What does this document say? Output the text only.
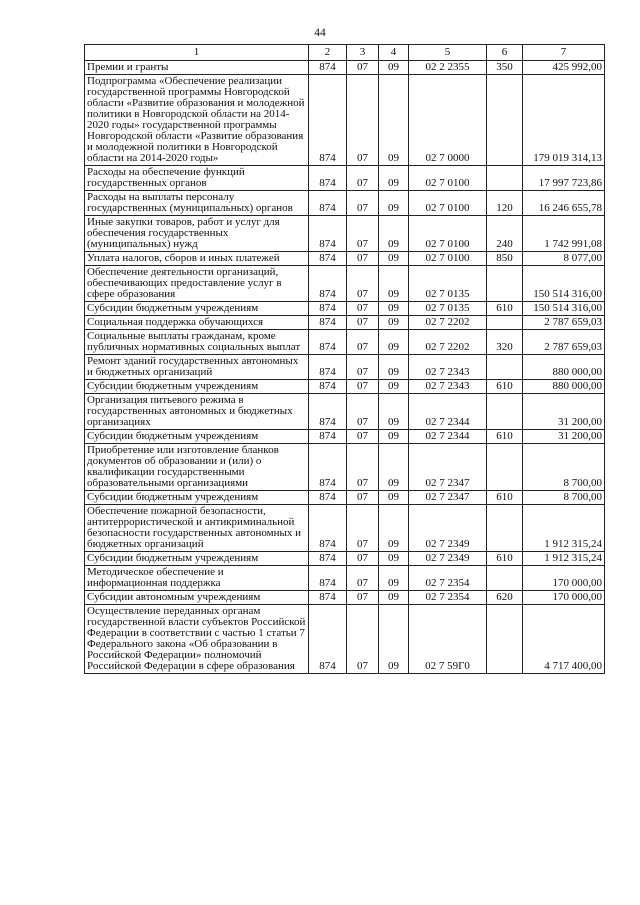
44
1	2	3	4	5	6	7
Премии и гранты	874	07	09	02 2 2355	350	425 992,00
Подпрограмма «Обеспечение реализации государственной программы Новгородской области «Развитие образования и молодежной политики в Новгородской области на 2014-2020 годы» государственной программы Новгородской области «Развитие образования и молодежной политики в Новгородской области на 2014-2020 годы»	874	07	09	02 7 0000		179 019 314,13
Расходы на обеспечение функций государственных органов	874	07	09	02 7 0100		17 997 723,86
Расходы на выплаты персоналу государственных (муниципальных) органов	874	07	09	02 7 0100	120	16 246 655,78
Иные закупки товаров, работ и услуг для обеспечения государственных (муниципальных) нужд	874	07	09	02 7 0100	240	1 742 991,08
Уплата налогов, сборов и иных платежей	874	07	09	02 7 0100	850	8 077,00
Обеспечение деятельности организаций, обеспечивающих предоставление услуг в сфере образования	874	07	09	02 7 0135		150 514 316,00
Субсидии бюджетным учреждениям	874	07	09	02 7 0135	610	150 514 316,00
Социальная поддержка обучающихся	874	07	09	02 7 2202		2 787 659,03
Социальные выплаты гражданам, кроме публичных нормативных социальных выплат	874	07	09	02 7 2202	320	2 787 659,03
Ремонт зданий государственных автономных и бюджетных организаций	874	07	09	02 7 2343		880 000,00
Субсидии бюджетным учреждениям	874	07	09	02 7 2343	610	880 000,00
Организация питьевого режима в государственных автономных и бюджетных организациях	874	07	09	02 7 2344		31 200,00
Субсидии бюджетным учреждениям	874	07	09	02 7 2344	610	31 200,00
Приобретение или изготовление бланков документов об образовании и (или) о квалификации государственными образовательными организациями	874	07	09	02 7 2347		8 700,00
Субсидии бюджетным учреждениям	874	07	09	02 7 2347	610	8 700,00
Обеспечение пожарной безопасности, антитеррористической и антикриминальной безопасности государственных автономных и бюджетных организаций	874	07	09	02 7 2349		1 912 315,24
Субсидии бюджетным учреждениям	874	07	09	02 7 2349	610	1 912 315,24
Методическое обеспечение и информационная поддержка	874	07	09	02 7 2354		170 000,00
Субсидии автономным учреждениям	874	07	09	02 7 2354	620	170 000,00
Осуществление переданных органам государственной власти субъектов Российской Федерации в соответствии с частью 1 статьи 7 Федерального закона «Об образовании в Российской Федерации» полномочий Российской Федерации в сфере образования	874	07	09	02 7 59Г0		4 717 400,00
